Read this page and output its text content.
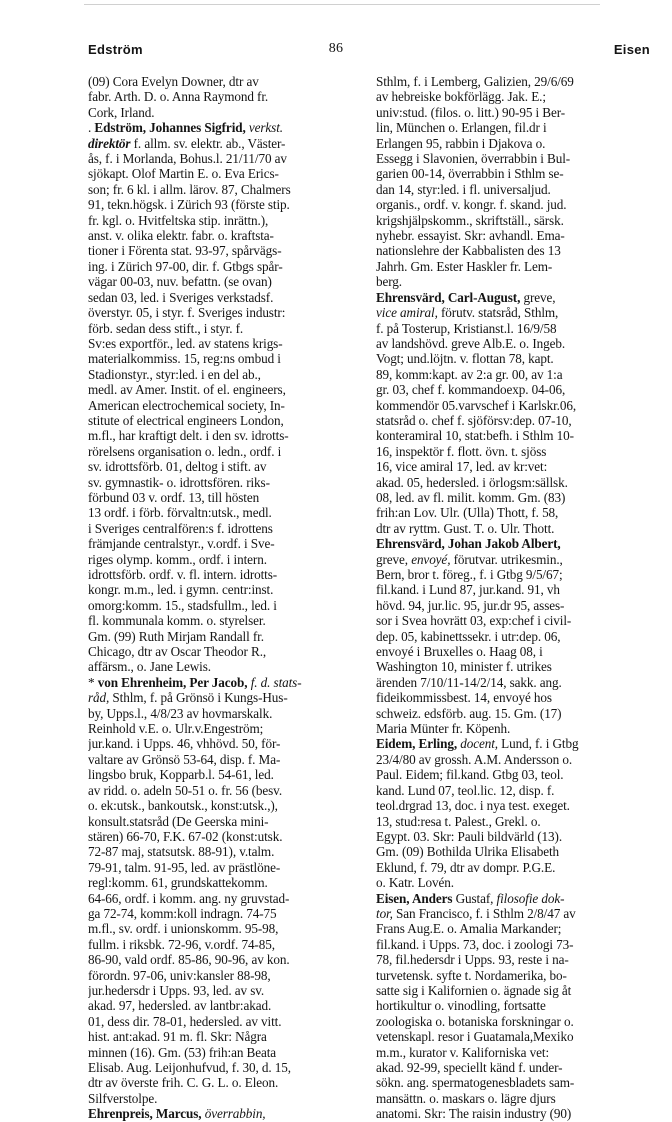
86
Edström	Eisen
(09) Cora Evelyn Downer, dtr av
fabr. Arth. D. o. Anna Raymond fr.
Cork, Irland.
. Edström, Johannes Sigfrid, verkst.
direktör f. allm. sv. elektr. ab., Väster-
ås, f. i Morlanda, Bohus.l. 21/11/70 av
sjökapt. Olof Martin E. o. Eva Erics-
son; fr. 6 kl. i allm. lärov. 87, Chalmers
91, tekn.högsk. i Zürich 93 (förste stip.
fr. kgl. o. Hvitfeltska stip. inrättn.),
anst. v. olika elektr. fabr. o. kraftsta-
tioner i Förenta stat. 93-97, spårvägs-
ing. i Zürich 97-00, dir. f. Gtbgs spår-
vägar 00-03, nuv. befattn. (se ovan)
sedan 03, led. i Sveriges verkstadsf.
överstyr. 05, i styr. f. Sveriges industr:
förb. sedan dess stift., i styr. f.
Sv:es exportför., led. av statens krigs-
materialkommiss. 15, reg:ns ombud i
Stadionstyr., styr:led. i en del ab.,
medl. av Amer. Instit. of el. engineers,
American electrochemical society, In-
stitute of electrical engineers London,
m.fl., har kraftigt delt. i den sv. idrotts-
rörelsens organisation o. ledn., ordf. i
sv. idrottsförb. 01, deltog i stift. av
sv. gymnastik- o. idrottsfören. riks-
förbund 03 v. ordf. 13, till hösten
13 ordf. i förb. förvaltn:utsk., medl.
i Sveriges centralfören:s f. idrottens
främjande centralstyr., v.ordf. i Sve-
riges olymp. komm., ordf. i intern.
idrottsförb. ordf. v. fl. intern. idrotts-
kongr. m.m., led. i gymn. centr:inst.
omorg:komm. 15., stadsfullm., led. i
fl. kommunala komm. o. styrelser.
Gm. (99) Ruth Mirjam Randall fr.
Chicago, dtr av Oscar Theodor R.,
affärsm., o. Jane Lewis.
* von Ehrenheim, Per Jacob, f. d. stats-
råd, Sthlm, f. på Grönsö i Kungs-Hus-
by, Upps.l., 4/8/23 av hovmarskalk.
Reinhold v.E. o. Ulr.v.Engeström;
jur.kand. i Upps. 46, vhhövd. 50, för-
valtare av Grönsö 53-64, disp. f. Ma-
lingsbo bruk, Kopparb.l. 54-61, led.
av ridd. o. adeln 50-51 o. fr. 56 (besv.
o. ek:utsk., bankoutsk., konst:utsk.,),
konsult.statsråd (De Geerska mini-
stären) 66-70, F.K. 67-02 (konst:utsk.
72-87 maj, statsutsk. 88-91), v.talm.
79-91, talm. 91-95, led. av prästlöne-
regl:komm. 61, grundskattekomm.
64-66, ordf. i komm. ang. ny gruvstad-
ga 72-74, komm:koll indragn. 74-75
m.fl., sv. ordf. i unionskomm. 95-98,
fullm. i riksbk. 72-96, v.ordf. 74-85,
86-90, vald ordf. 85-86, 90-96, av kon.
förordn. 97-06, univ:kansler 88-98,
jur.hedersdr i Upps. 93, led. av sv.
akad. 97, hedersled. av lantbr:akad.
01, dess dir. 78-01, hedersled. av vitt.
hist. ant:akad. 91 m. fl. Skr: Några
minnen (16). Gm. (53) frih:an Beata
Elisab. Aug. Leijonhufvud, f. 30, d. 15,
dtr av överste frih. C. G. L. o. Eleon.
Silfverstolpe.
Ehrenpreis, Marcus, överrabbin,
Sthlm, f. i Lemberg, Galizien, 29/6/69
av hebreiske bokförlägg. Jak. E.;
univ:stud. (filos. o. litt.) 90-95 i Ber-
lin, München o. Erlangen, fil.dr i
Erlangen 95, rabbin i Djakova o.
Essegg i Slavonien, överrabbin i Bul-
garien 00-14, överrabbin i Sthlm se-
dan 14, styr:led. i fl. universaljud.
organis., ordf. v. kongr. f. skand. jud.
krigshjälpskomm., skriftställ., särsk.
nyhebr. essayist. Skr: avhandl. Ema-
nationslehre der Kabbalisten des 13
Jahrh. Gm. Ester Haskler fr. Lem-
berg.
Ehrensvärd, Carl-August, greve,
vice amiral, förutv. statsråd, Sthlm,
f. på Tosterup, Kristianst.l. 16/9/58
av landshövd. greve Alb.E. o. Ingeb.
Vogt; und.löjtn. v. flottan 78, kapt.
89, komm:kapt. av 2:a gr. 00, av 1:a
gr. 03, chef f. kommandoexp. 04-06,
kommendör 05.varvschef i Karlskr.06,
statsråd o. chef f. sjöförsv:dep. 07-10,
konteramiral 10, stat:befh. i Sthlm 10-
16, inspektör f. flott. övn. t. sjöss
16, vice amiral 17, led. av kr:vet:
akad. 05, hedersled. i örlogsm:sällsk.
08, led. av fl. milit. komm. Gm. (83)
frih:an Lov. Ulr. (Ulla) Thott, f. 58,
dtr av ryttm. Gust. T. o. Ulr. Thott.
Ehrensvärd, Johan Jakob Albert,
greve, envoyé, förutvar. utrikesmin.,
Bern, bror t. föreg., f. i Gtbg 9/5/67;
fil.kand. i Lund 87, jur.kand. 91, vh
hövd. 94, jur.lic. 95, jur.dr 95, asses-
sor i Svea hovrätt 03, exp:chef i civil-
dep. 05, kabinettssekr. i utr:dep. 06,
envoyé i Bruxelles o. Haag 08, i
Washington 10, minister f. utrikes
ärenden 7/10/11-14/2/14, sakk. ang.
fideikommissbest. 14, envoyé hos
schweiz. edsförb. aug. 15. Gm. (17)
Maria Münter fr. Köpenh.
Eidem, Erling, docent, Lund, f. i Gtbg
23/4/80 av grossh. A.M. Andersson o.
Paul. Eidem; fil.kand. Gtbg 03, teol.
kand. Lund 07, teol.lic. 12, disp. f.
teol.drgrad 13, doc. i nya test. exeget.
13, stud:resa t. Palest., Grekl. o.
Egypt. 03. Skr: Pauli bildvärld (13).
Gm. (09) Bothilda Ulrika Elisabeth
Eklund, f. 79, dtr av dompr. P.G.E.
o. Katr. Lovén.
Eisen, Anders Gustaf, filosofie dok-
tor, San Francisco, f. i Sthlm 2/8/47 av
Frans Aug.E. o. Amalia Markander;
fil.kand. i Upps. 73, doc. i zoologi 73-
78, fil.hedersdr i Upps. 93, reste i na-
turvetensk. syfte t. Nordamerika, bo-
satte sig i Kalifornien o. ägnade sig åt
hortikultur o. vinodling, fortsatte
zoologiska o. botaniska forskningar o.
vetenskapl. resor i Guatamala,Mexiko
m.m., kurator v. Kaliforniska vet:
akad. 92-99, speciellt känd f. under-
sökn. ang. spermatogenesbladets sam-
mansättn. o. maskars o. lägre djurs
anatomi. Skr: The raisin industry (90)
